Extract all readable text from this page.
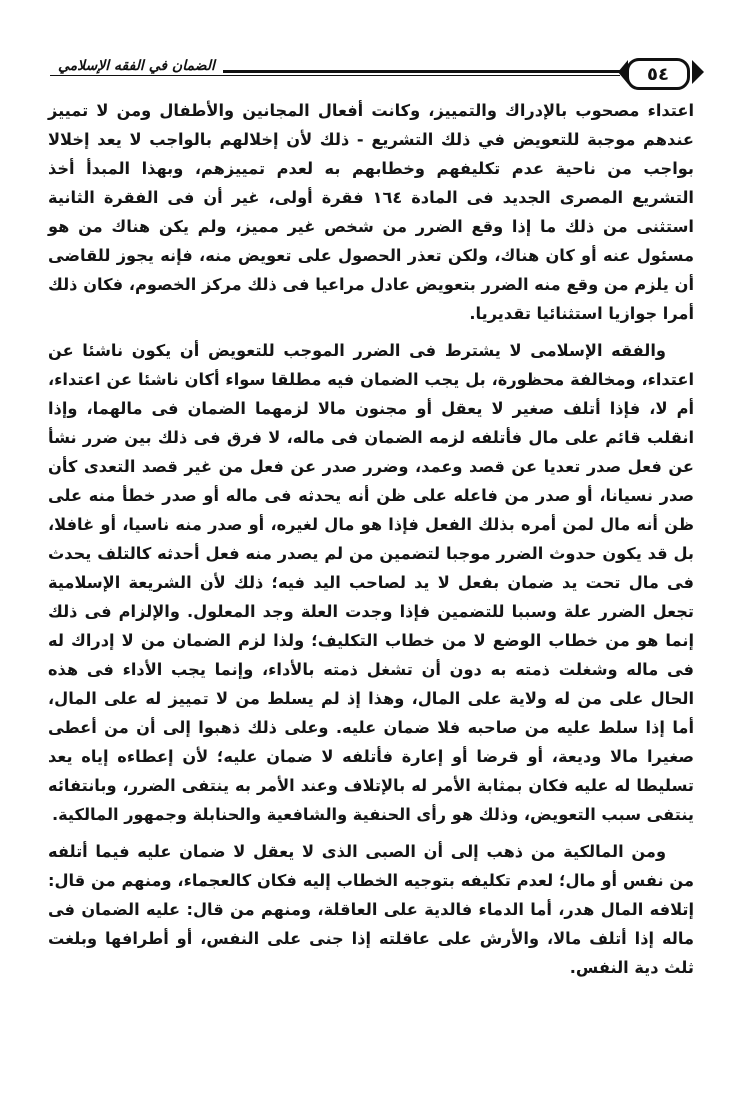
٥٤
الضمان في الفقه الإسلامي

اعتداء مصحوب بالإدراك والتمييز، وكانت أفعال المجانين والأطفال ومن لا تمييز عندهم موجبة للتعويض في ذلك التشريع - ذلك لأن إخلالهم بالواجب لا يعد إخلالا بواجب من ناحية عدم تكليفهم وخطابهم به لعدم تمييزهم، وبهذا المبدأ أخذ التشريع المصرى الجديد فى المادة ١٦٤ فقرة أولى، غير أن فى الفقرة الثانية استثنى من ذلك ما إذا وقع الضرر من شخص غير مميز، ولم يكن هناك من هو مسئول عنه أو كان هناك، ولكن تعذر الحصول على تعويض منه، فإنه يجوز للقاضى أن يلزم من وقع منه الضرر بتعويض عادل مراعيا فى ذلك مركز الخصوم، فكان ذلك أمرا جوازيا استثنائيا تقديريا.

والفقه الإسلامى لا يشترط فى الضرر الموجب للتعويض أن يكون ناشئا عن اعتداء، ومخالفة محظورة، بل يجب الضمان فيه مطلقا سواء أكان ناشئا عن اعتداء، أم لا، فإذا أتلف صغير لا يعقل أو مجنون مالا لزمهما الضمان فى مالهما، وإذا انقلب قائم على مال فأتلفه لزمه الضمان فى ماله، لا فرق فى ذلك بين ضرر نشأ عن فعل صدر تعديا عن قصد وعمد، وضرر صدر عن فعل من غير قصد التعدى كأن صدر نسيانا، أو صدر من فاعله على ظن أنه يحدثه فى ماله أو صدر خطأ منه على ظن أنه مال لمن أمره بذلك الفعل فإذا هو مال لغيره، أو صدر منه ناسيا، أو غافلا، بل قد يكون حدوث الضرر موجبا لتضمين من لم يصدر منه فعل أحدثه كالتلف يحدث فى مال تحت يد ضمان بفعل لا يد لصاحب اليد فيه؛ ذلك لأن الشريعة الإسلامية تجعل الضرر علة وسببا للتضمين فإذا وجدت العلة وجد المعلول. والإلزام فى ذلك إنما هو من خطاب الوضع لا من خطاب التكليف؛ ولذا لزم الضمان من لا إدراك له فى ماله وشغلت ذمته به دون أن تشغل ذمته بالأداء، وإنما يجب الأداء فى هذه الحال على من له ولاية على المال، وهذا إذ لم يسلط من لا تمييز له على المال، أما إذا سلط عليه من صاحبه فلا ضمان عليه. وعلى ذلك ذهبوا إلى أن من أعطى صغيرا مالا وديعة، أو قرضا أو إعارة فأتلفه لا ضمان عليه؛ لأن إعطاءه إياه يعد تسليطا له عليه فكان بمثابة الأمر له بالإتلاف وعند الأمر به ينتفى الضرر، وبانتفائه ينتفى سبب التعويض، وذلك هو رأى الحنفية والشافعية والحنابلة وجمهور المالكية.

ومن المالكية من ذهب إلى أن الصبى الذى لا يعقل لا ضمان عليه فيما أتلفه من نفس أو مال؛ لعدم تكليفه بتوجيه الخطاب إليه فكان كالعجماء، ومنهم من قال: إتلافه المال هدر، أما الدماء فالدية على العاقلة، ومنهم من قال: عليه الضمان فى ماله إذا أتلف مالا، والأرش على عاقلته إذا جنى على النفس، أو أطرافها وبلغت ثلث دية النفس.
